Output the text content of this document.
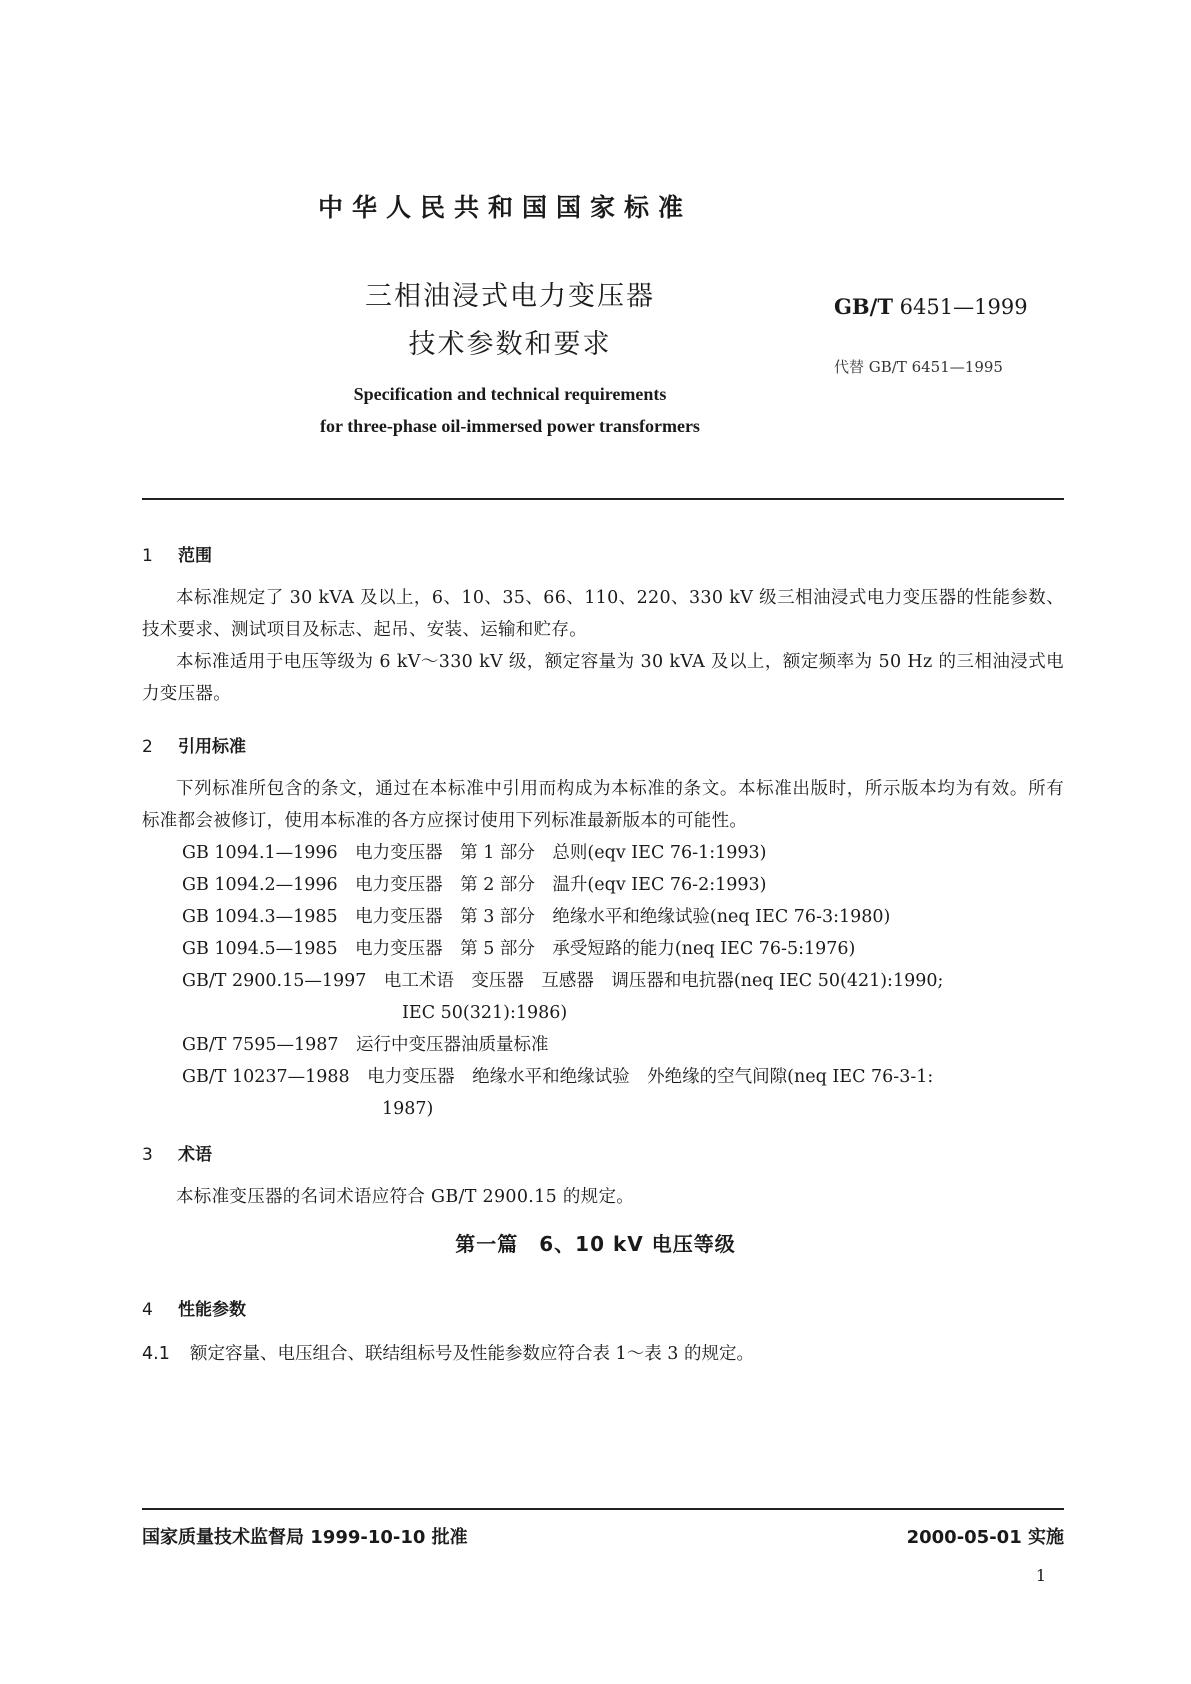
中华人民共和国国家标准
三相油浸式电力变压器
技术参数和要求
GB/T 6451—1999
代替 GB/T 6451—1995
Specification and technical requirements
for three-phase oil-immersed power transformers
1 范围
本标准规定了 30 kVA 及以上，6、10、35、66、110、220、330 kV 级三相油浸式电力变压器的性能参数、技术要求、测试项目及标志、起吊、安装、运输和贮存。
本标准适用于电压等级为 6 kV～330 kV 级，额定容量为 30 kVA 及以上，额定频率为 50 Hz 的三相油浸式电力变压器。
2 引用标准
下列标准所包含的条文，通过在本标准中引用而构成为本标准的条文。本标准出版时，所示版本均为有效。所有标准都会被修订，使用本标准的各方应探讨使用下列标准最新版本的可能性。
GB 1094.1—1996　电力变压器　第 1 部分　总则(eqv IEC 76-1:1993)
GB 1094.2—1996　电力变压器　第 2 部分　温升(eqv IEC 76-2:1993)
GB 1094.3—1985　电力变压器　第 3 部分　绝缘水平和绝缘试验(neq IEC 76-3:1980)
GB 1094.5—1985　电力变压器　第 5 部分　承受短路的能力(neq IEC 76-5:1976)
GB/T 2900.15—1997　电工术语　变压器　互感器　调压器和电抗器(neq IEC 50(421):1990;
IEC 50(321):1986)
GB/T 7595—1987　运行中变压器油质量标准
GB/T 10237—1988　电力变压器　绝缘水平和绝缘试验　外绝缘的空气间隙(neq IEC 76-3-1:
1987)
3 术语
本标准变压器的名词术语应符合 GB/T 2900.15 的规定。
第一篇　6、10 kV 电压等级
4 性能参数
4.1 额定容量、电压组合、联结组标号及性能参数应符合表 1～表 3 的规定。
国家质量技术监督局 1999-10-10 批准	2000-05-01 实施
1
